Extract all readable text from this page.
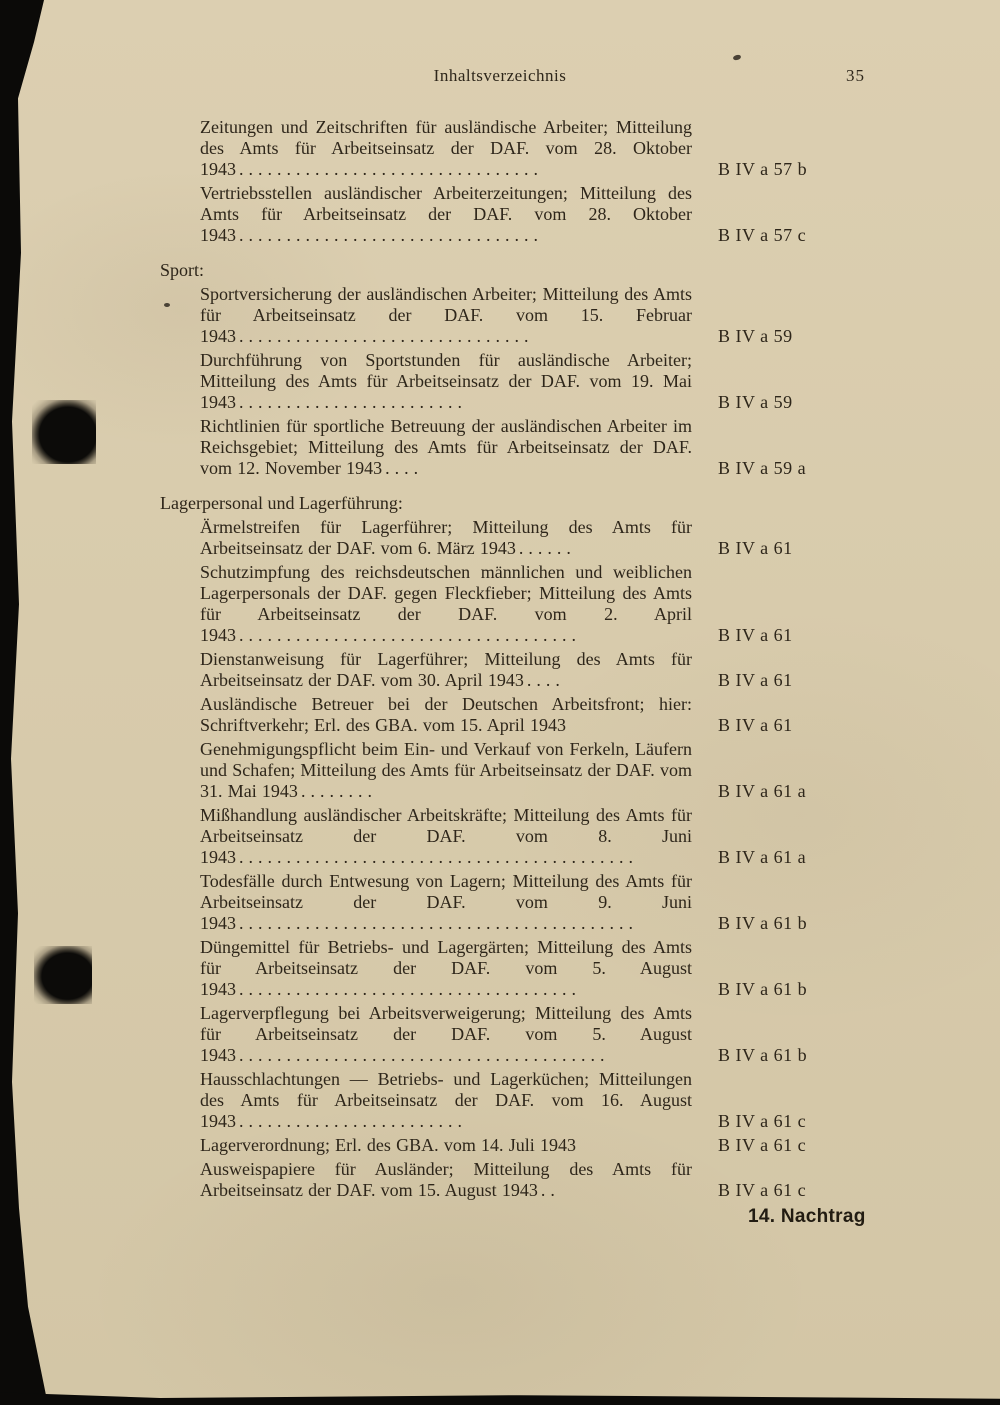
Inhaltsverzeichnis	35
Zeitungen und Zeitschriften für ausländische Arbeiter; Mitteilung des Amts für Arbeitseinsatz der DAF. vom 28. Oktober 1943 ................................	B IV a 57 b
Vertriebsstellen ausländischer Arbeiterzeitungen; Mitteilung des Amts für Arbeitseinsatz der DAF. vom 28. Oktober 1943 ................................	B IV a 57 c
Sport:
Sportversicherung der ausländischen Arbeiter; Mitteilung des Amts für Arbeitseinsatz der DAF. vom 15. Februar 1943 ...............................	B IV a 59
Durchführung von Sportstunden für ausländische Arbeiter; Mitteilung des Amts für Arbeitseinsatz der DAF. vom 19. Mai 1943 ........................	B IV a 59
Richtlinien für sportliche Betreuung der ausländischen Arbeiter im Reichsgebiet; Mitteilung des Amts für Arbeitseinsatz der DAF. vom 12. November 1943 ....	B IV a 59 a
Lagerpersonal und Lagerführung:
Ärmelstreifen für Lagerführer; Mitteilung des Amts für Arbeitseinsatz der DAF. vom 6. März 1943 ......	B IV a 61
Schutzimpfung des reichsdeutschen männlichen und weiblichen Lagerpersonals der DAF. gegen Fleckfieber; Mitteilung des Amts für Arbeitseinsatz der DAF. vom 2. April 1943 ....................................	B IV a 61
Dienstanweisung für Lagerführer; Mitteilung des Amts für Arbeitseinsatz der DAF. vom 30. April 1943 ....	B IV a 61
Ausländische Betreuer bei der Deutschen Arbeitsfront; hier: Schriftverkehr; Erl. des GBA. vom 15. April 1943	B IV a 61
Genehmigungspflicht beim Ein- und Verkauf von Ferkeln, Läufern und Schafen; Mitteilung des Amts für Arbeitseinsatz der DAF. vom 31. Mai 1943 ........	B IV a 61 a
Mißhandlung ausländischer Arbeitskräfte; Mitteilung des Amts für Arbeitseinsatz der DAF. vom 8. Juni 1943 ..........................................	B IV a 61 a
Todesfälle durch Entwesung von Lagern; Mitteilung des Amts für Arbeitseinsatz der DAF. vom 9. Juni 1943 ..........................................	B IV a 61 b
Düngemittel für Betriebs- und Lagergärten; Mitteilung des Amts für Arbeitseinsatz der DAF. vom 5. August 1943 ....................................	B IV a 61 b
Lagerverpflegung bei Arbeitsverweigerung; Mitteilung des Amts für Arbeitseinsatz der DAF. vom 5. August 1943 .......................................	B IV a 61 b
Hausschlachtungen — Betriebs- und Lagerküchen; Mitteilungen des Amts für Arbeitseinsatz der DAF. vom 16. August 1943 ........................	B IV a 61 c
Lagerverordnung; Erl. des GBA. vom 14. Juli 1943	B IV a 61 c
Ausweispapiere für Ausländer; Mitteilung des Amts für Arbeitseinsatz der DAF. vom 15. August 1943 ..	B IV a 61 c
14. Nachtrag
